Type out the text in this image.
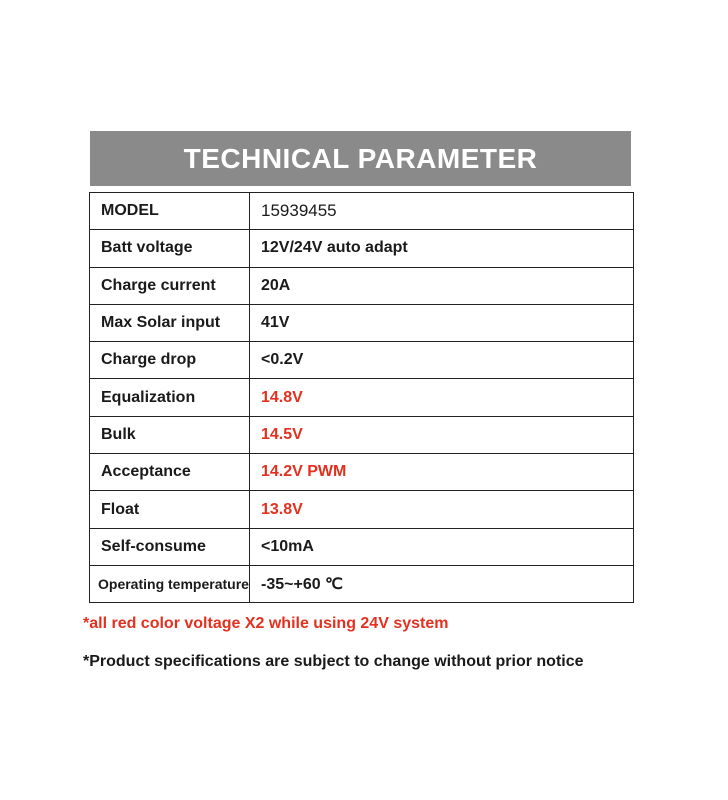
TECHNICAL PARAMETER
MODEL	15939455
Batt voltage	12V/24V auto adapt
Charge current	20A
Max Solar input	41V
Charge drop	<0.2V
Equalization	14.8V
Bulk	14.5V
Acceptance	14.2V PWM
Float	13.8V
Self-consume	<10mA
Operating temperature	-35~+60 ℃
*all red color voltage X2 while using 24V system
*Product specifications are subject to change without prior notice
